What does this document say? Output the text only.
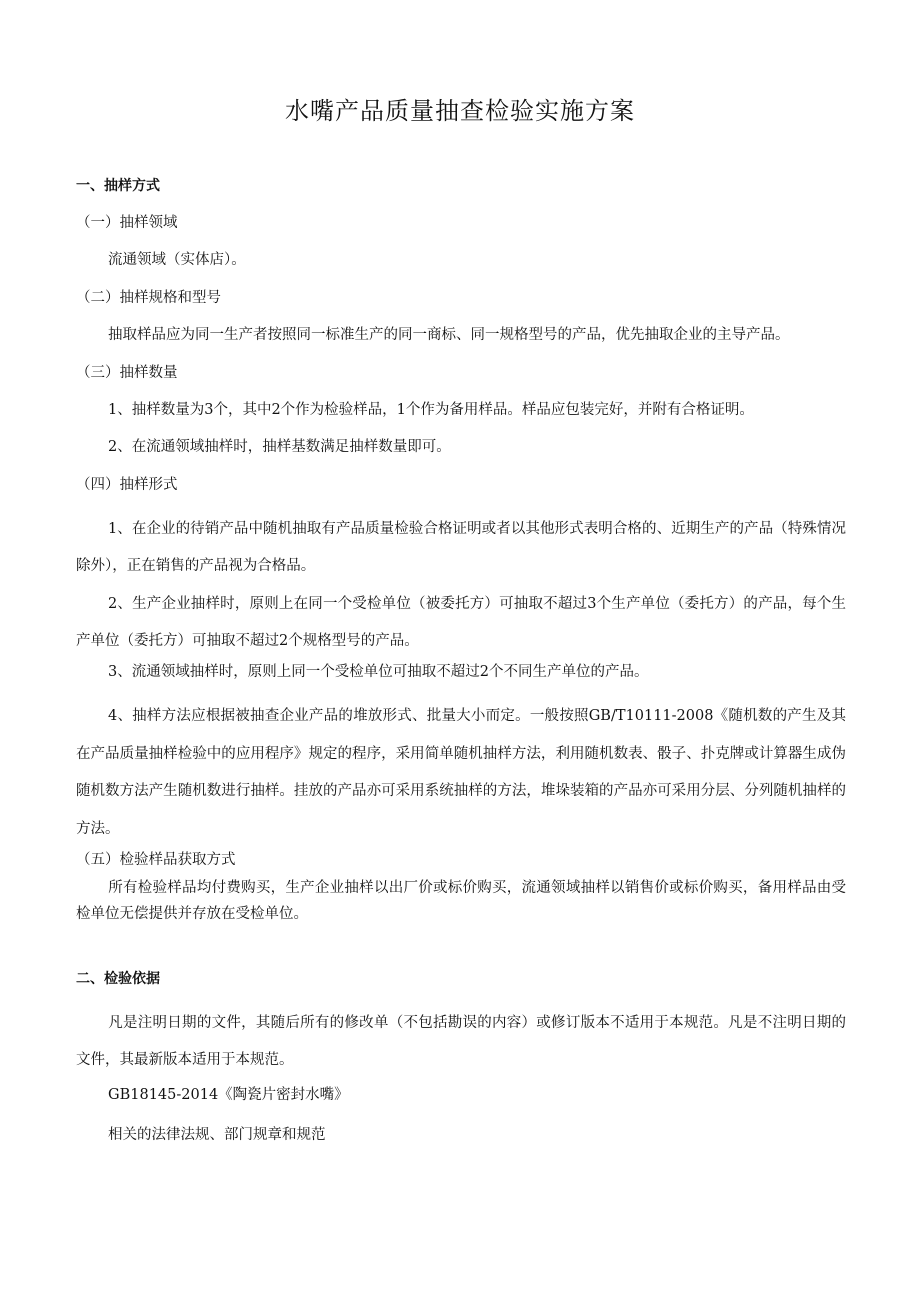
水嘴产品质量抽查检验实施方案
一、抽样方式
（一）抽样领域
流通领域（实体店）。
（二）抽样规格和型号
抽取样品应为同一生产者按照同一标准生产的同一商标、同一规格型号的产品，优先抽取企业的主导产品。
（三）抽样数量
1、抽样数量为3个，其中2个作为检验样品，1个作为备用样品。样品应包装完好，并附有合格证明。
2、在流通领域抽样时，抽样基数满足抽样数量即可。
（四）抽样形式
1、在企业的待销产品中随机抽取有产品质量检验合格证明或者以其他形式表明合格的、近期生产的产品（特殊情况除外），正在销售的产品视为合格品。
2、生产企业抽样时，原则上在同一个受检单位（被委托方）可抽取不超过3个生产单位（委托方）的产品，每个生产单位（委托方）可抽取不超过2个规格型号的产品。
3、流通领域抽样时，原则上同一个受检单位可抽取不超过2个不同生产单位的产品。
4、抽样方法应根据被抽查企业产品的堆放形式、批量大小而定。一般按照GB/T10111-2008《随机数的产生及其在产品质量抽样检验中的应用程序》规定的程序，采用简单随机抽样方法，利用随机数表、骰子、扑克牌或计算器生成伪随机数方法产生随机数进行抽样。挂放的产品亦可采用系统抽样的方法，堆垛装箱的产品亦可采用分层、分列随机抽样的方法。
（五）检验样品获取方式
所有检验样品均付费购买，生产企业抽样以出厂价或标价购买，流通领域抽样以销售价或标价购买，备用样品由受检单位无偿提供并存放在受检单位。
二、检验依据
凡是注明日期的文件，其随后所有的修改单（不包括勘误的内容）或修订版本不适用于本规范。凡是不注明日期的文件，其最新版本适用于本规范。
GB18145-2014《陶瓷片密封水嘴》
相关的法律法规、部门规章和规范
